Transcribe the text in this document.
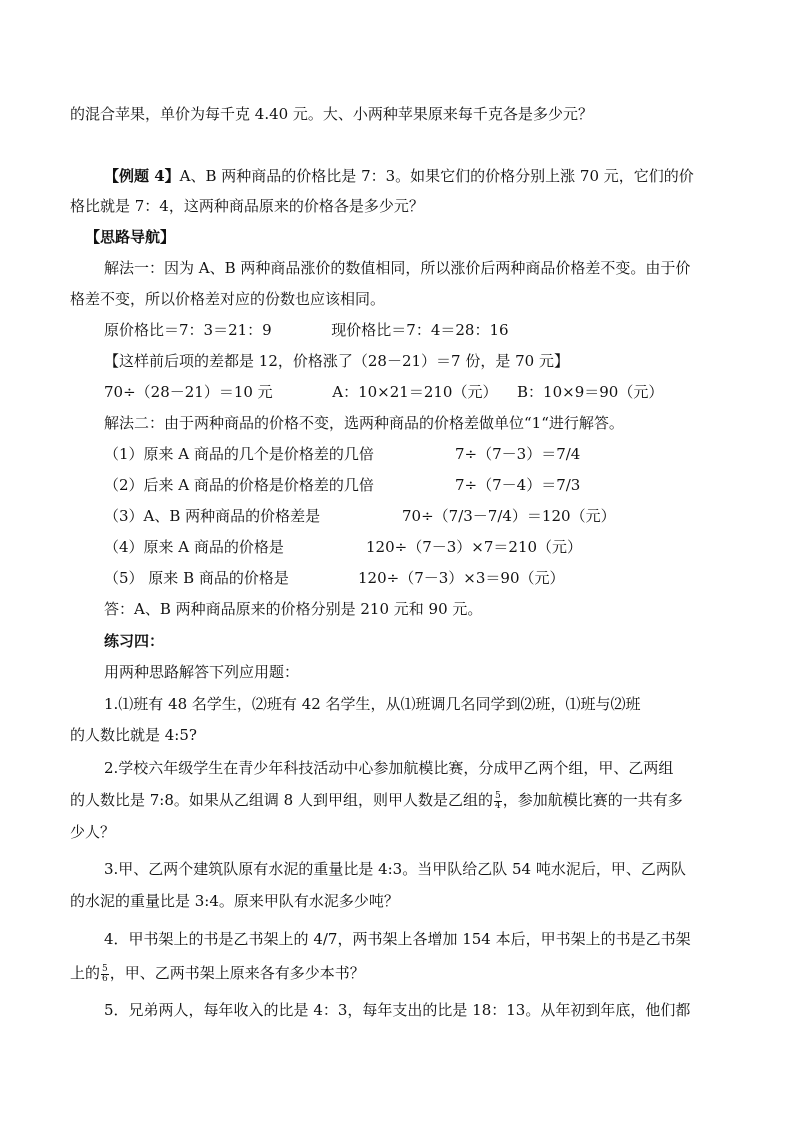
的混合苹果，单价为每千克 4.40 元。大、小两种苹果原来每千克各是多少元？
【例题 4】A、B 两种商品的价格比是 7：3。如果它们的价格分别上涨 70 元，它们的价
格比就是 7：4，这两种商品原来的价格各是多少元？
【思路导航】
解法一：因为 A、B 两种商品涨价的数值相同，所以涨价后两种商品价格差不变。由于价
格差不变，所以价格差对应的份数也应该相同。
原价格比＝7：3＝21：9	现价格比＝7：4＝28：16
【这样前后项的差都是 12，价格涨了（28－21）＝7 份，是 70 元】
70÷（28－21）＝10 元	A：10×21＝210（元） B：10×9＝90（元）
解法二：由于两种商品的价格不变，选两种商品的价格差做单位“1“进行解答。
（1）原来 A 商品的几个是价格差的几倍	7÷（7－3）＝7/4
（2）后来 A 商品的价格是价格差的几倍	7÷（7－4）＝7/3
（3）A、B 两种商品的价格差是	70÷（7/3－7/4）＝120（元）
（4）原来 A 商品的价格是	120÷（7－3）×7＝210（元）
（5） 原来 B 商品的价格是	120÷（7－3）×3＝90（元）
答：A、B 两种商品原来的价格分别是 210 元和 90 元。
练习四：
用两种思路解答下列应用题：
1.⑴班有 48 名学生，⑵班有 42 名学生，从⑴班调几名同学到⑵班，⑴班与⑵班
的人数比就是 4:5?
2.学校六年级学生在青少年科技活动中心参加航模比赛，分成甲乙两个组，甲、乙两组
的人数比是 7:8。如果从乙组调 8 人到甲组，则甲人数是乙组的 $\frac{5}{4}$ ，参加航模比赛的一共有多
少人？
3.甲、乙两个建筑队原有水泥的重量比是 4:3。当甲队给乙队 54 吨水泥后，甲、乙两队
的水泥的重量比是 3:4。原来甲队有水泥多少吨？
4．甲书架上的书是乙书架上的 4/7，两书架上各增加 154 本后，甲书架上的书是乙书架
上的 $\frac{5}{6}$ ，甲、乙两书架上原来各有多少本书？
5．兄弟两人，每年收入的比是 4：3，每年支出的比是 18：13。从年初到年底，他们都
